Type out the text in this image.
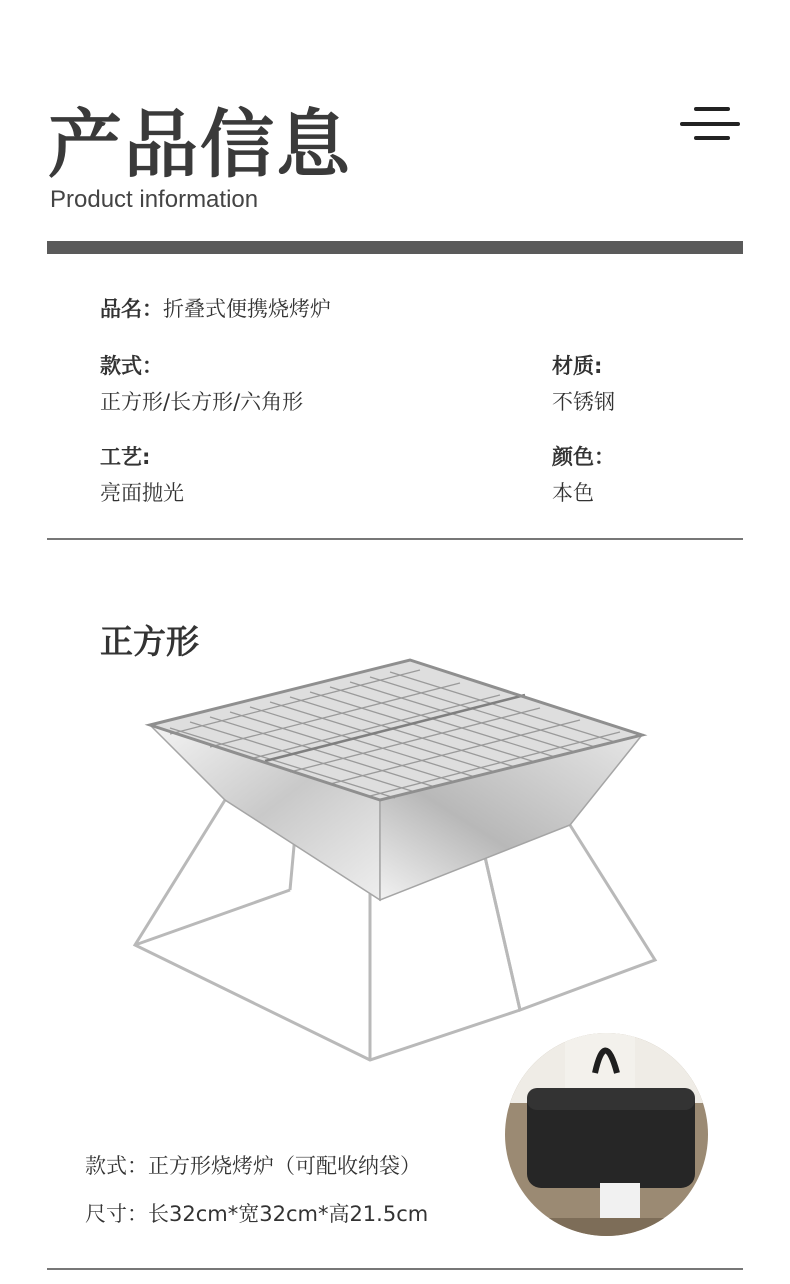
产品信息
Product information
品名：折叠式便携烧烤炉
款式：
正方形/长方形/六角形
材质:
不锈钢
工艺:
亮面抛光
颜色：
本色
正方形
款式：正方形烧烤炉（可配收纳袋）
尺寸：长32cm*宽32cm*高21.5cm
